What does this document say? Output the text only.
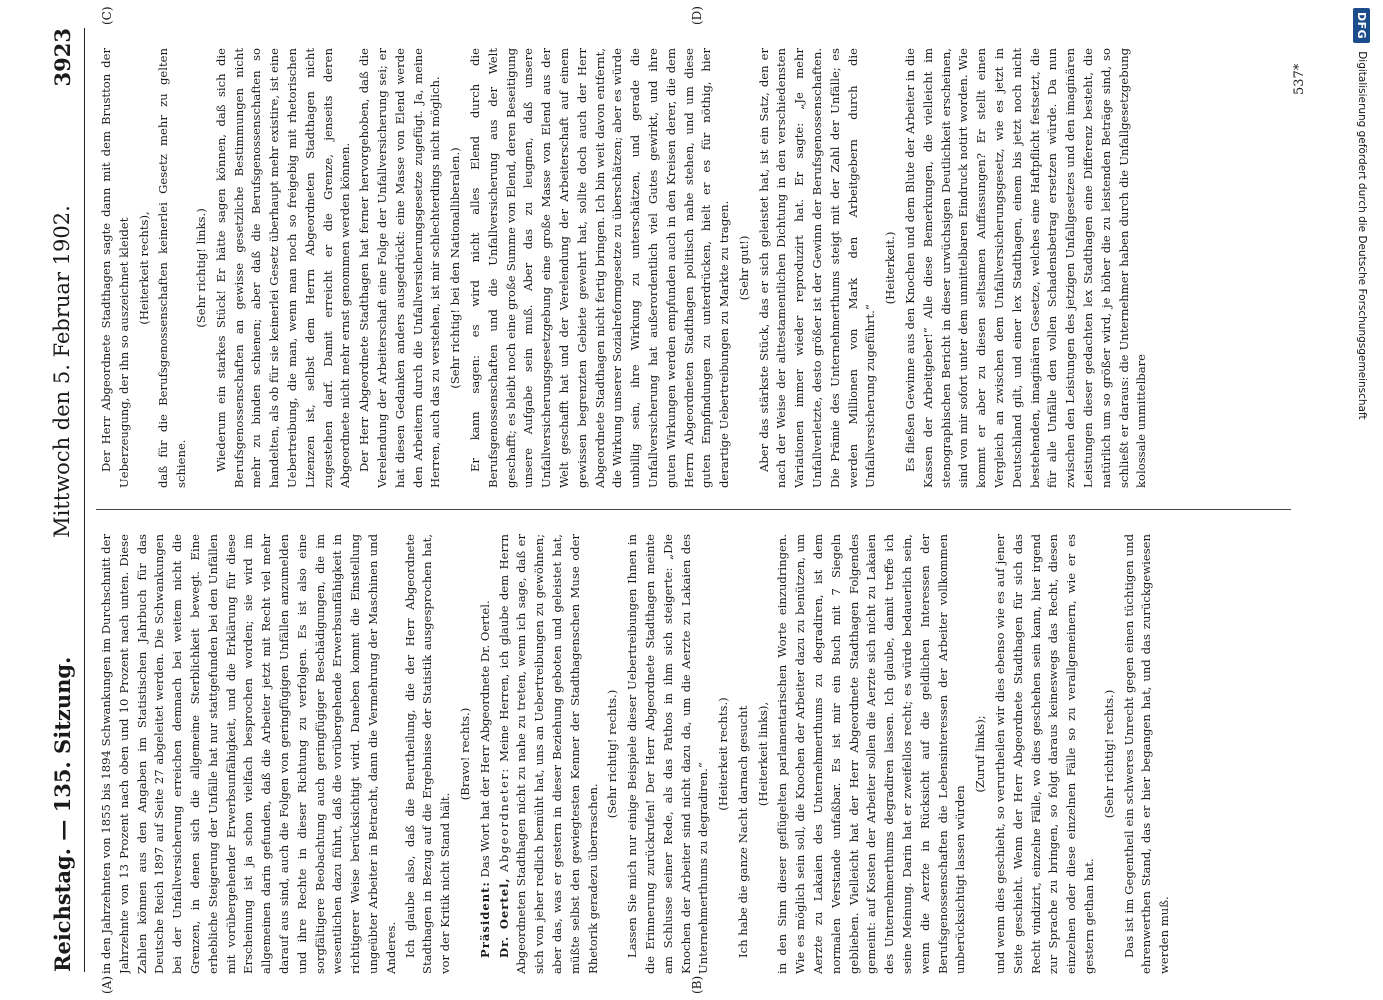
Reichstag. — 135. Sitzung.
Mittwoch den 5. Februar 1902.
3923
(A)	(B)
(C)	(D)

in den Jahrzehnten von 1855 bis 1894 Schwankungen im Durchschnitt der Jahrzehnte von 13 Prozent nach oben und 10 Prozent nach unten. Diese Zahlen können aus den Angaben im Statistischen Jahrbuch für das Deutsche Reich 1897 auf Seite 27 abgeleitet werden. Die Schwankungen bei der Unfallversicherung erreichen demnach bei weitem nicht die Grenzen, in denen sich die allgemeine Sterblichkeit bewegt. Eine erhebliche Steigerung der Unfälle hat nur stattgefunden bei den Unfällen mit vorübergehender Erwerbsunfähigkeit, und die Erklärung für diese Erscheinung ist ja schon vielfach besprochen worden; sie wird im allgemeinen darin gefunden, daß die Arbeiter jetzt mit Recht viel mehr darauf aus sind, auch die Folgen von geringfügigen Unfällen anzumelden und ihre Rechte in dieser Richtung zu verfolgen. Es ist also eine sorgfältigere Beobachtung auch geringfügiger Beschädigungen, die im wesentlichen dazu führt, daß die vorübergehende Erwerbsunfähigkeit in richtigerer Weise berücksichtigt wird. Daneben kommt die Einstellung ungeübter Arbeiter in Betracht, dann die Vermehrung der Maschinen und Anderes. Ich glaube also, daß die Beurtheilung, die der Herr Abgeordnete Stadthagen in Bezug auf die Ergebnisse der Statistik ausgesprochen hat, vor der Kritik nicht Stand hält.

(Bravo! rechts.)

Präsident: Das Wort hat der Herr Abgeordnete Dr. Oertel.

Dr. Oertel, Abgeordneter: Meine Herren, ich glaube dem Herrn Abgeordneten Stadthagen nicht zu nahe zu treten, wenn ich sage, daß er sich von jeher redlich bemüht hat, uns an Uebertreibungen zu gewöhnen; aber das, was er gestern in dieser Beziehung geboten und geleistet hat, müßte selbst den gewiegtesten Kenner der Stadthagenschen Muse oder Rhetorik geradezu überraschen.

(Sehr richtig! rechts.) Lassen Sie mich nur einige Beispiele dieser Uebertreibungen Ihnen in die Erinnerung zurückrufen! Der Herr Abgeordnete Stadthagen meinte am Schlusse seiner Rede, als das Pathos in ihm sich steigerte: „Die Knochen der Arbeiter sind nicht dazu da, um die Aerzte zu Lakaien des Unternehmerthums zu degradiren.“

(Heiterkeit rechts.) Ich habe die ganze Nacht darnach gesucht (Heiterkeit links), in den Sinn dieser geflügelten parlamentarischen Worte einzudringen. Wie es möglich sein soll, die Knochen der Arbeiter dazu zu benützen, um Aerzte zu Lakaien des Unternehmerthums zu degradiren, ist dem normalen Verstande unfaßbar. Es ist mir ein Buch mit 7 Siegeln geblieben. Vielleicht hat der Herr Abgeordnete Stadthagen Folgendes gemeint: auf Kosten der Arbeiter sollen die Aerzte sich nicht zu Lakaien des Unternehmerthums degradiren lassen. Ich glaube, damit treffe ich seine Meinung. Darin hat er zweifellos recht; es würde bedauerlich sein, wenn die Aerzte in Rücksicht auf die geldlichen Interessen der Berufsgenossenschaften die Lebensinteressen der Arbeiter vollkommen unberücksichtigt lassen würden

(Zuruf links); und wenn dies geschieht, so verurtheilen wir dies ebenso wie es auf jener Seite geschieht. Wenn der Herr Abgeordnete Stadthagen für sich das Recht vindizirt, einzelne Fälle, wo dies geschehen sein kann, hier irgend zur Sprache zu bringen, so folgt daraus keineswegs das Recht, diesen einzelnen oder diese einzelnen Fälle so zu verallgemeinern, wie er es gestern gethan hat.

(Sehr richtig! rechts.) Das ist im Gegentheil ein schweres Unrecht gegen einen tüchtigen und ehrenwerthen Stand, das er hier begangen hat, und das zurückgewiesen werden muß.

Der Herr Abgeordnete Stadthagen sagte dann mit dem Brustton der Ueberzeugung, der ihn so auszeichnet kleidet (Heiterkeit rechts), daß für die Berufsgenossenschaften keinerlei Gesetz mehr zu gelten schiene.

(Sehr richtig! links.) Wiederum ein starkes Stück! Er hätte sagen können, daß sich die Berufsgenossenschaften an gewisse gesetzliche Bestimmungen nicht mehr zu binden schienen; aber daß die Berufsgenossenschaften so handelten, als ob für sie keinerlei Gesetz überhaupt mehr existire, ist eine Uebertreibung, die man, wenn man noch so freigebig mit rhetorischen Lizenzen ist, selbst dem Herrn Abgeordneten Stadthagen nicht zugestehen darf. Damit erreicht er die Grenze, jenseits deren Abgeordnete nicht mehr ernst genommen werden können. Der Herr Abgeordnete Stadthagen hat ferner hervorgehoben, daß die Verelendung der Arbeiterschaft eine Folge der Unfallversicherung sei; er hat diesen Gedanken anders ausgedrückt: eine Masse von Elend werde den Arbeitern durch die Unfallversicherungsgesetze zugefügt. Ja, meine Herren, auch das zu verstehen, ist mir schlechterdings nicht möglich. (Sehr richtig! bei den Nationalliberalen.) Er kann sagen: es wird nicht alles Elend durch die Berufsgenossenschaften und die Unfallversicherung aus der Welt geschafft; es bleibt noch eine große Summe von Elend, deren Beseitigung unsere Aufgabe sein muß. Aber das zu leugnen, daß unsere Unfallversicherungsgesetzgebung eine große Masse von Elend aus der Welt geschafft hat und der Verelendung der Arbeiterschaft auf einem gewissen begrenzten Gebiete gewehrt hat, sollte doch auch der Herr Abgeordnete Stadthagen nicht fertig bringen. Ich bin weit davon entfernt, die Wirkung unserer Sozialreformgesetze zu überschätzen; aber es würde unbillig sein, ihre Wirkung zu unterschätzen, und gerade die Unfallversicherung hat außerordentlich viel Gutes gewirkt, und ihre guten Wirkungen werden empfunden auch in den Kreisen derer, die dem Herrn Abgeordneten Stadthagen politisch nahe stehen, und um diese guten Empfindungen zu unterdrücken, hielt er es für nöthig, hier derartige Uebertreibungen zu Markte zu tragen. (Sehr gut!) Aber das stärkste Stück, das er sich geleistet hat, ist ein Satz, den er nach der Weise der alttestamentlichen Dichtung in den verschiedensten Variationen immer wieder reproduzirt hat. Er sagte: „Je mehr Unfallverletzte, desto größer ist der Gewinn der Berufsgenossenschaften. Die Prämie des Unternehmerthums steigt mit der Zahl der Unfälle; es werden Millionen von Mark den Arbeitgebern durch die Unfallversicherung zugeführt.“

(Heiterkeit.) Es fließen Gewinne aus den Knochen und dem Blute der Arbeiter in die Kassen der Arbeitgeber!“ Alle diese Bemerkungen, die vielleicht im stenographischen Bericht in dieser urwüchsigen Deutlichkeit erscheinen, sind von mir sofort unter dem unmittelbaren Eindruck notirt worden. Wie kommt er aber zu diesen seltsamen Auffassungen? Er stellt einen Vergleich an zwischen dem Unfallversicherungsgesetz, wie es jetzt in Deutschland gilt, und einer lex Stadthagen, einem bis jetzt noch nicht bestehenden, imaginären Gesetze, welches eine Haftpflicht festsetzt, die für alle Unfälle den vollen Schadensbetrag ersetzen würde. Da nun zwischen den Leistungen des jetzigen Unfallgesetzes und den imaginären Leistungen dieser gedachten lex Stadthagen eine Differenz besteht, die natürlich um so größer wird, je höher die zu leistenden Beträge sind, so schließt er daraus: die Unternehmer haben durch die Unfallgesetzgebung kolossale unmittelbare

537*
DFG
Digitalisierung gefördert durch die Deutsche Forschungsgemeinschaft
